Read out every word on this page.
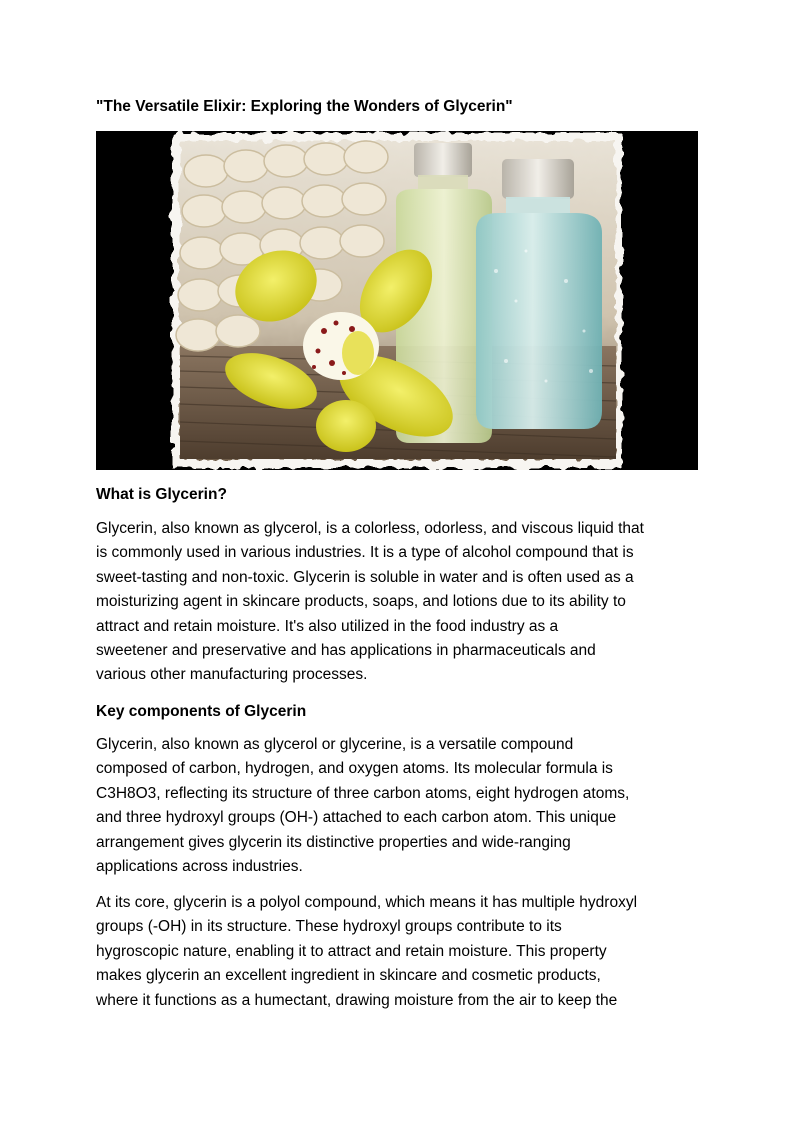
"The Versatile Elixir: Exploring the Wonders of Glycerin"
What is Glycerin?
Glycerin, also known as glycerol, is a colorless, odorless, and viscous liquid that
is commonly used in various industries. It is a type of alcohol compound that is
sweet-tasting and non-toxic. Glycerin is soluble in water and is often used as a
moisturizing agent in skincare products, soaps, and lotions due to its ability to
attract and retain moisture. It's also utilized in the food industry as a
sweetener and preservative and has applications in pharmaceuticals and
various other manufacturing processes.
Key components of Glycerin
Glycerin, also known as glycerol or glycerine, is a versatile compound
composed of carbon, hydrogen, and oxygen atoms. Its molecular formula is
C3H8O3, reflecting its structure of three carbon atoms, eight hydrogen atoms,
and three hydroxyl groups (OH-) attached to each carbon atom. This unique
arrangement gives glycerin its distinctive properties and wide-ranging
applications across industries.
At its core, glycerin is a polyol compound, which means it has multiple hydroxyl
groups (-OH) in its structure. These hydroxyl groups contribute to its
hygroscopic nature, enabling it to attract and retain moisture. This property
makes glycerin an excellent ingredient in skincare and cosmetic products,
where it functions as a humectant, drawing moisture from the air to keep the
